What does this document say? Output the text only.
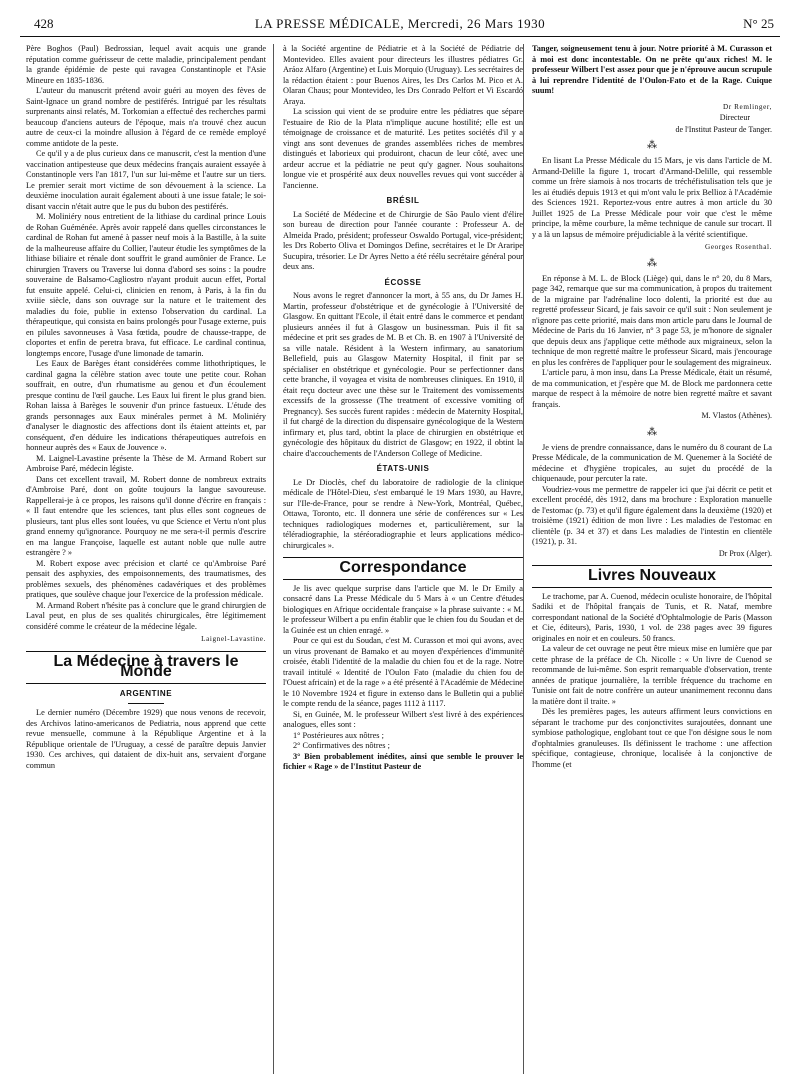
428	LA PRESSE MÉDICALE, Mercredi, 26 Mars 1930	N° 25

Père Boghos (Paul) Bedrossian, lequel avait acquis une grande réputation comme guérisseur de cette maladie, principalement pendant la grande épidémie de peste qui ravagea Constantinople et l'Asie Mineure en 1835-1836.

L'auteur du manuscrit prétend avoir guéri au moyen des fèves de Saint-Ignace un grand nombre de pestiférés. Intrigué par les résultats surprenants ainsi relatés, M. Torkomian a effectué des recherches parmi beaucoup d'anciens auteurs de l'époque, mais n'a trouvé chez aucun autre de ceux-ci la moindre allusion à l'égard de ce remède employé comme antidote de la peste.

Ce qu'il y a de plus curieux dans ce manuscrit, c'est la mention d'une vaccination antipesteuse que deux médecins français auraient essayée à Constantinople vers l'an 1817, l'un sur lui-même et l'autre sur un tiers. Le premier serait mort victime de son dévouement à la science. La deuxième inoculation aurait également abouti à une issue fatale; le soi-disant vaccin n'était autre que le pus du bubon des pestiférés.

M. Moliniéry nous entretient de la lithiase du cardinal prince Louis de Rohan Guéménée. Après avoir rappelé dans quelles circonstances le cardinal de Rohan fut amené à passer neuf mois à la Bastille, à la suite de la malheureuse affaire du Collier, l'auteur étudie les symptômes de la lithiase biliaire et rénale dont souffrit le grand aumônier de France. Le chirurgien Travers ou Traverse lui donna d'abord ses soins : la poudre souveraine de Balsamo-Cagliostro n'ayant produit aucun effet, Portal fut ensuite appelé. Celui-ci, clinicien en renom, à Paris, à la fin du xviiie siècle, dans son ouvrage sur la nature et le traitement des maladies du foie, publie in extenso l'observation du cardinal. La thérapeutique, qui consista en bains prolongés pour l'usage externe, puis en pilules savonneuses à Vasa fœtida, poudre de chausse-trappe, de cloportes et enfin de peretra brava, fut efficace. Le cardinal continua, longtemps encore, l'usage d'une limonade de tamarin.

Les Eaux de Barèges étant considérées comme lithothriptiques, le cardinal gagna la célèbre station avec toute une petite cour. Rohan souffrait, en outre, d'un rhumatisme au genou et d'un écoulement presque continu de l'œil gauche. Les Eaux lui firent le plus grand bien. Rohan laissa à Barèges le souvenir d'un prince fastueux. L'étude des grands personnages aux Eaux minérales permet à M. Moliniéry d'analyser le diagnostic des affections dont ils étaient atteints et, par conséquent, d'en déduire les indications thérapeutiques autrefois en honneur auprès des « Eaux de Jouvence ».

M. Laignel-Lavastine présente la Thèse de M. Armand Robert sur Ambroise Paré, médecin légiste.

Dans cet excellent travail, M. Robert donne de nombreux extraits d'Ambroise Paré, dont on goûte toujours la langue savoureuse. Rappellerai-je à ce propos, les raisons qu'il donne d'écrire en français : « Il faut entendre que les sciences, tant plus elles sont cogneues de plusieurs, tant plus elles sont louées, vu que Science et Vertu n'ont plus grand ennemy qu'ignorance. Pourquoy ne me sera-t-il permis d'escrire en ma langue Françoise, laquelle est autant noble que nulle autre estrangère ? »

M. Robert expose avec précision et clarté ce qu'Ambroise Paré pensait des asphyxies, des empoisonnements, des traumatismes, des problèmes sexuels, des phénomènes cadavériques et des problèmes pratiques, que soulève chaque jour l'exercice de la profession médicale.

M. Armand Robert n'hésite pas à conclure que le grand chirurgien de Laval peut, en plus de ses qualités chirurgicales, être légitimement considéré comme le créateur de la médecine légale.

Laignel-Lavastine.
La Médecine à travers le Monde
ARGENTINE

Le dernier numéro (Décembre 1929) que nous venons de recevoir, des Archivos latino-americanos de Pediatria, nous apprend que cette revue mensuelle, commune à la République Argentine et à la République orientale de l'Uruguay, a cessé de paraître depuis Janvier 1930. Ces archives, qui dataient de dix-huit ans, servaient d'organe commun

à la Société argentine de Pédiatrie et à la Société de Pédiatrie de Montevideo. Elles avaient pour directeurs les illustres pédiatres Gr. Aráoz Alfaro (Argentine) et Luis Morquio (Uruguay). Les secrétaires de la rédaction étaient : pour Buenos Aires, les Drs Carlos M. Pico et A. Olaran Chaus; pour Montevideo, les Drs Conrado Pelfort et Vi Escardó Araya.

La scission qui vient de se produire entre les pédiatres que sépare l'estuaire de Rio de la Plata n'implique aucune hostilité; elle est un témoignage de croissance et de maturité. Les petites sociétés d'il y a vingt ans sont devenues de grandes assemblées riches de membres distingués et laborieux qui produiront, chacun de leur côté, avec une ardeur accrue et la pédiatrie ne peut qu'y gagner. Nous souhaitons longue vie et prospérité aux deux nouvelles revues qui vont succéder à l'ancienne.

BRÉSIL

La Société de Médecine et de Chirurgie de São Paulo vient d'élire son bureau de direction pour l'année courante : Professeur A. de Almeida Prado, président; professeur Oswaldo Portugal, vice-président; les Drs Roberto Oliva et Domingos Define, secrétaires et le Dr Araripe Sucupira, trésorier. Le Dr Ayres Netto a été réélu secrétaire général pour deux ans.

ÉCOSSE

Nous avons le regret d'annoncer la mort, à 55 ans, du Dr James H. Martin, professeur d'obstétrique et de gynécologie à l'Université de Glasgow. En quittant l'Ecole, il était entré dans le commerce et pendant plusieurs années il fut à Glasgow un businessman. Puis il fit sa médecine et prit ses grades de M. B et Ch. B. en 1907 à l'Université de sa ville natale. Résident à la Western infirmary, au sanatorium Bellefield, puis au Glasgow Maternity Hospital, il finit par se spécialiser en obstétrique et gynécologie. Pour se perfectionner dans cette branche, il voyagea et visita de nombreuses cliniques. En 1910, il était reçu docteur avec une thèse sur le Traitement des vomissements excessifs de la grossesse (The treatment of excessive vomiting of Pregnancy). Ses succès furent rapides : médecin de Maternity Hospital, il fut chargé de la direction du dispensaire gynécologique de la Western infirmary et, plus tard, obtint la place de chirurgien en obstétrique et gynécologie des hôpitaux du district de Glasgow; en 1922, il obtint la chaire d'accouchements de l'Anderson College of Medicine.

ÉTATS-UNIS

Le Dr Dioclès, chef du laboratoire de radiologie de la clinique médicale de l'Hôtel-Dieu, s'est embarqué le 19 Mars 1930, au Havre, sur l'Ile-de-France, pour se rendre à New-York, Montréal, Québec, Ottawa, Toronto, etc. Il donnera une série de conférences sur « Les techniques radiologiques modernes et, particulièrement, sur la téléradiographie, la stéréoradiographie et leurs applications médico-chirurgicales ».

Correspondance

Je lis avec quelque surprise dans l'article que M. le Dr Emily a consacré dans La Presse Médicale du 5 Mars à « un Centre d'études biologiques en Afrique occidentale française » la phrase suivante : « M. le professeur Wilbert a pu enfin établir que le chien fou du Soudan et de la Guinée est un chien enragé. »

Pour ce qui est du Soudan, c'est M. Curasson et moi qui avons, avec un virus provenant de Bamako et au moyen d'expériences d'immunité croisée, établi l'identité de la maladie du chien fou et de la rage. Notre travail intitulé « Identité de l'Oulon Fato (maladie du chien fou de l'Ouest africain) et de la rage » a été présenté à l'Académie de Médecine le 10 Novembre 1924 et figure in extenso dans le Bulletin qui a publié le compte rendu de la séance, pages 1112 à 1117.

Si, en Guinée, M. le professeur Wilbert s'est livré à des expériences analogues, elles sont :

1° Postérieures aux nôtres ;

2° Confirmatives des nôtres ;

3° Bien probablement inédites, ainsi que semble le prouver le fichier « Rage » de l'Institut Pasteur de

Tanger, soigneusement tenu à jour. Notre priorité à M. Curasson et à moi est donc incontestable. On ne prête qu'aux riches! M. le professeur Wilbert l'est assez pour que je n'éprouve aucun scrupule à lui reprendre l'identité de l'Oulon-Fato et de la Rage. Cuique suum!

Dr Remlinger,
Directeur
de l'Institut Pasteur de Tanger.
⁂

En lisant La Presse Médicale du 15 Mars, je vis dans l'article de M. Armand-Delille la figure 1, trocart d'Armand-Delille, qui ressemble comme un frère siamois à nos trocarts de tréchéfistulisation tels que je les ai étudiés depuis 1913 et qui m'ont valu le prix Bellioz à l'Académie des Sciences 1921. Reportez-vous entre autres à mon article du 30 Juillet 1925 de La Presse Médicale pour voir que c'est le même principe, la même courbure, la même technique de canule sur trocart. Il y a là un lapsus de mémoire préjudiciable à la vérité scientifique.

Georges Rosenthal.
⁂

En réponse à M. L. de Block (Liège) qui, dans le n° 20, du 8 Mars, page 342, remarque que sur ma communication, à propos du traitement de la migraine par l'adrénaline loco dolenti, la priorité est due au regretté professeur Sicard, je fais savoir ce qu'il suit : Non seulement je n'ignore pas cette priorité, mais dans mon article paru dans le Journal de Médecine de Paris du 16 Janvier, n° 3 page 53, je m'honore de signaler que depuis deux ans j'applique cette méthode aux migraineux, selon la technique de mon regretté maître le professeur Sicard, mais j'encourage en plus les confrères de l'appliquer pour le soulagement des migraineux.

L'article paru, à mon insu, dans La Presse Médicale, était un résumé, de ma communication, et j'espère que M. de Block me pardonnera cette marque de respect à la mémoire de notre bien regretté maître et savant français.

M. Vlastos (Athènes).
⁂

Je viens de prendre connaissance, dans le numéro du 8 courant de La Presse Médicale, de la communication de M. Quenemer à la Société de médecine et d'hygiène tropicales, au sujet du procédé de la chiquenaude, pour percuter la rate.

Voudriez-vous me permettre de rappeler ici que j'ai décrit ce petit et excellent procédé, dès 1912, dans ma brochure : Exploration manuelle de l'estomac (p. 73) et qu'il figure également dans la deuxième (1920) et troisième (1921) édition de mon livre : Les maladies de l'estomac en clientèle (p. 34 et 37) et dans Les maladies de l'intestin en clientèle (1921), p. 31.

Dr Prox (Alger).
Livres Nouveaux

Le trachome, par A. Cuenod, médecin oculiste honoraire, de l'hôpital Sadiki et de l'hôpital français de Tunis, et R. Nataf, membre correspondant national de la Société d'Ophtalmologie de Paris (Masson et Cie, éditeurs), Paris, 1930, 1 vol. de 238 pages avec 39 figures originales en noir et en couleurs. 50 francs.

La valeur de cet ouvrage ne peut être mieux mise en lumière que par cette phrase de la préface de Ch. Nicolle : « Un livre de Cuenod se recommande de lui-même. Son esprit remarquable d'observation, trente années de pratique journalière, la terrible fréquence du trachome en Tunisie ont fait de notre confrère un auteur unanimement reconnu dans la matière dont il traite. »

Dès les premières pages, les auteurs affirment leurs convictions en séparant le trachome pur des conjonctivites surajoutées, donnant une symbiose pathologique, englobant tout ce que l'on désigne sous le nom d'ophtalmies granuleuses. Ils définissent le trachome : une affection spécifique, contagieuse, chronique, localisée à la conjonctive de l'homme (et
